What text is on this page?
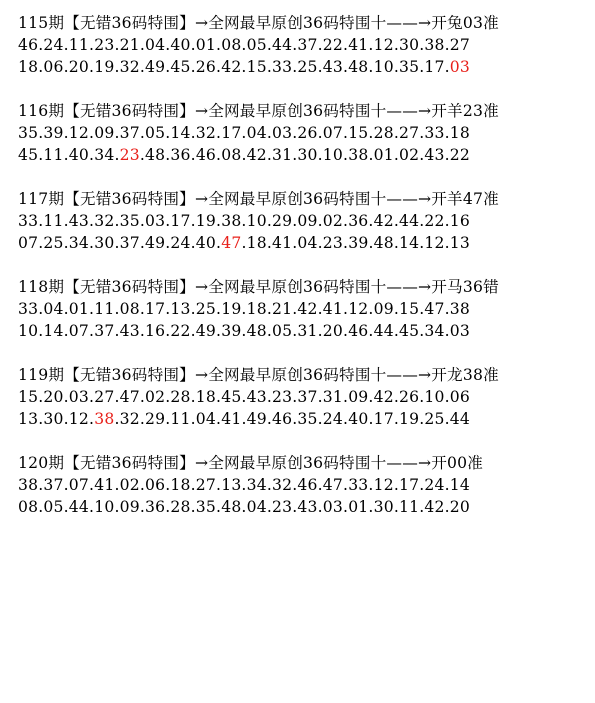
115期【无错36码特围】→全网最早原创36码特围十——→开兔03准
46.24.11.23.21.04.40.01.08.05.44.37.22.41.12.30.38.27
18.06.20.19.32.49.45.26.42.15.33.25.43.48.10.35.17.03
116期【无错36码特围】→全网最早原创36码特围十——→开羊23准
35.39.12.09.37.05.14.32.17.04.03.26.07.15.28.27.33.18
45.11.40.34.23.48.36.46.08.42.31.30.10.38.01.02.43.22
117期【无错36码特围】→全网最早原创36码特围十——→开羊47准
33.11.43.32.35.03.17.19.38.10.29.09.02.36.42.44.22.16
07.25.34.30.37.49.24.40.47.18.41.04.23.39.48.14.12.13
118期【无错36码特围】→全网最早原创36码特围十——→开马36错
33.04.01.11.08.17.13.25.19.18.21.42.41.12.09.15.47.38
10.14.07.37.43.16.22.49.39.48.05.31.20.46.44.45.34.03
119期【无错36码特围】→全网最早原创36码特围十——→开龙38准
15.20.03.27.47.02.28.18.45.43.23.37.31.09.42.26.10.06
13.30.12.38.32.29.11.04.41.49.46.35.24.40.17.19.25.44
120期【无错36码特围】→全网最早原创36码特围十——→开00准
38.37.07.41.02.06.18.27.13.34.32.46.47.33.12.17.24.14
08.05.44.10.09.36.28.35.48.04.23.43.03.01.30.11.42.20
